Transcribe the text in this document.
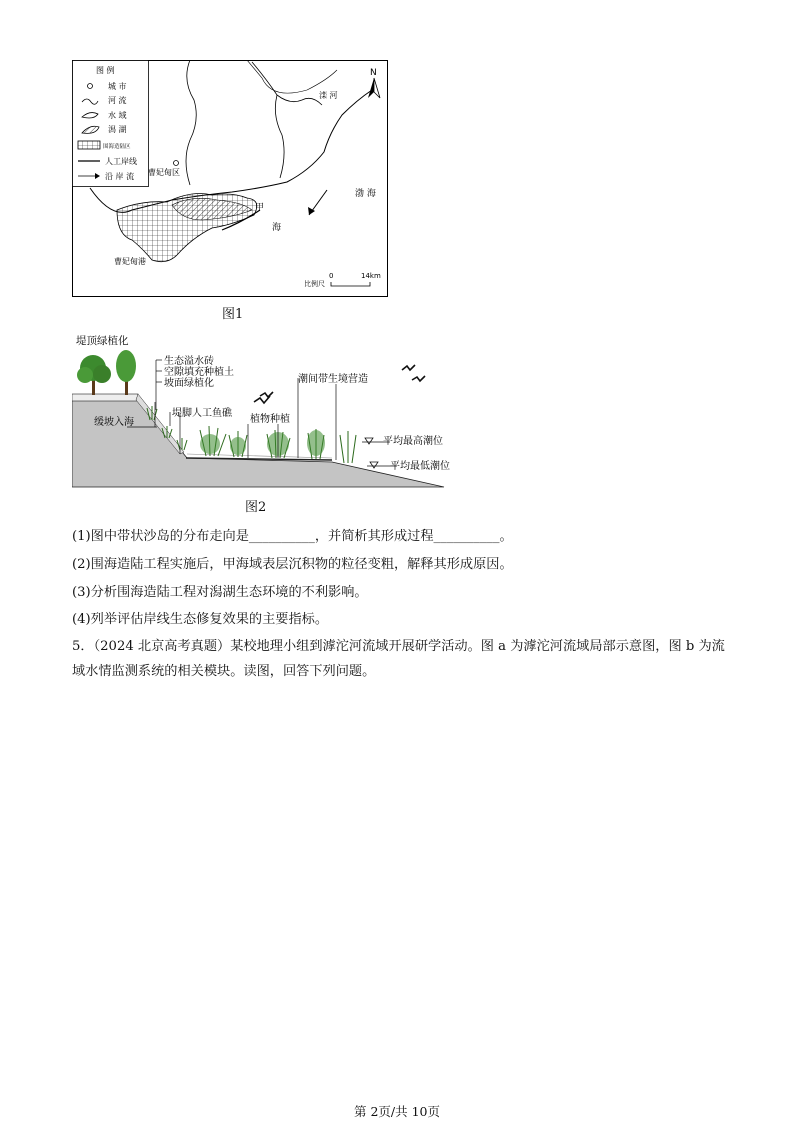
图 例
城 市
河 流
水 域
潟 湖
围海造陆区
人工岸线
沿 岸 流 曹妃甸区
曹妃甸港
滦 河
渤 海
甲
海
N
比例尺
0	14km
图1
堤顶绿植化
生态溢水砖
空隙填充种植土
坡面绿植化
堤脚人工鱼礁
潮间带生境营造
植物种植
缓坡入海
平均最高潮位
平均最低潮位
图2
(1)图中带状沙岛的分布走向是__________，并简析其形成过程__________。
(2)围海造陆工程实施后，甲海域表层沉积物的粒径变粗，解释其形成原因。
(3)分析围海造陆工程对潟湖生态环境的不利影响。
(4)列举评估岸线生态修复效果的主要指标。
5．（2024 北京高考真题）某校地理小组到滹沱河流域开展研学活动。图 a 为滹沱河流域局部示意图，图 b 为流域水情监测系统的相关模块。读图，回答下列问题。
第 2页/共 10页
